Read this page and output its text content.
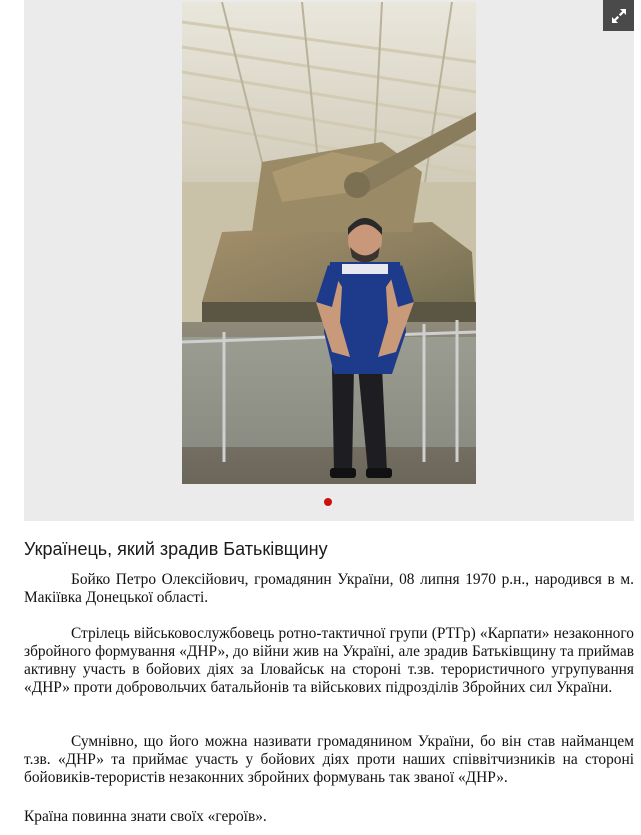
Українець, який зрадив Батьківщину

Бойко Петро Олексійович, громадянин України, 08 липня 1970 р.н., народився в м. Макіївка Донецької області.

Стрілець військовослужбовець ротно-тактичної групи (РТГр) «Карпати» незаконного збройного формування «ДНР», до війни жив на Україні, але зрадив Батьківщину та приймав активну участь в бойових діях за Іловайськ на стороні т.зв. терористичного угрупування «ДНР» проти добровольчих батальйонів та військових підрозділів Збройних сил України.

Сумнівно, що його можна називати громадянином України, бо він став найманцем т.зв. «ДНР» та приймає участь у бойових діях проти наших співвітчизників на стороні бойовиків-терористів незаконних збройних формувань так званої «ДНР».

Країна повинна знати своїх «героїв».
